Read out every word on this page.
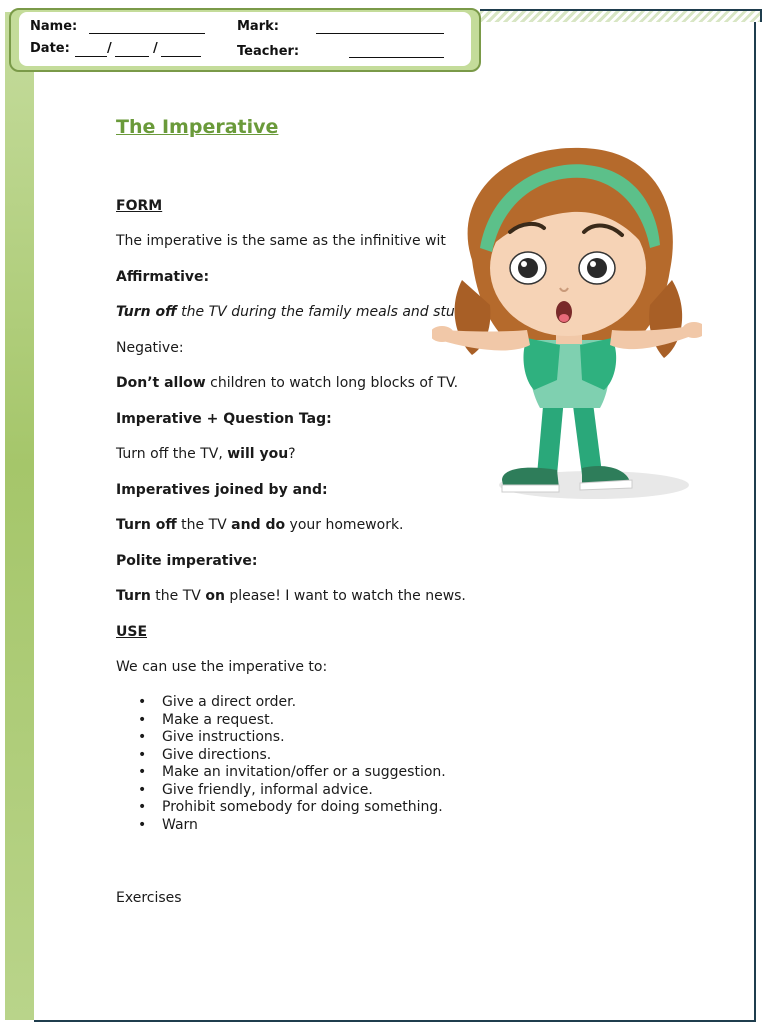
Name:
Date:	/	/
Mark:
Teacher:
The Imperative
FORM
The imperative is the same as the infinitive wit
Affirmative:
Turn off the TV during the family meals and stu
Negative:
Don’t allow children to watch long blocks of TV.
Imperative + Question Tag:
Turn off the TV, will you?
Imperatives joined by and:
Turn off the TV and do your homework.
Polite imperative:
Turn the TV on please! I want to watch the news.
USE
We can use the imperative to:
• Give a direct order.
• Make a request.
• Give instructions.
• Give directions.
• Make an invitation/offer or a suggestion.
• Give friendly, informal advice.
• Prohibit somebody for doing something.
• Warn
Exercises
